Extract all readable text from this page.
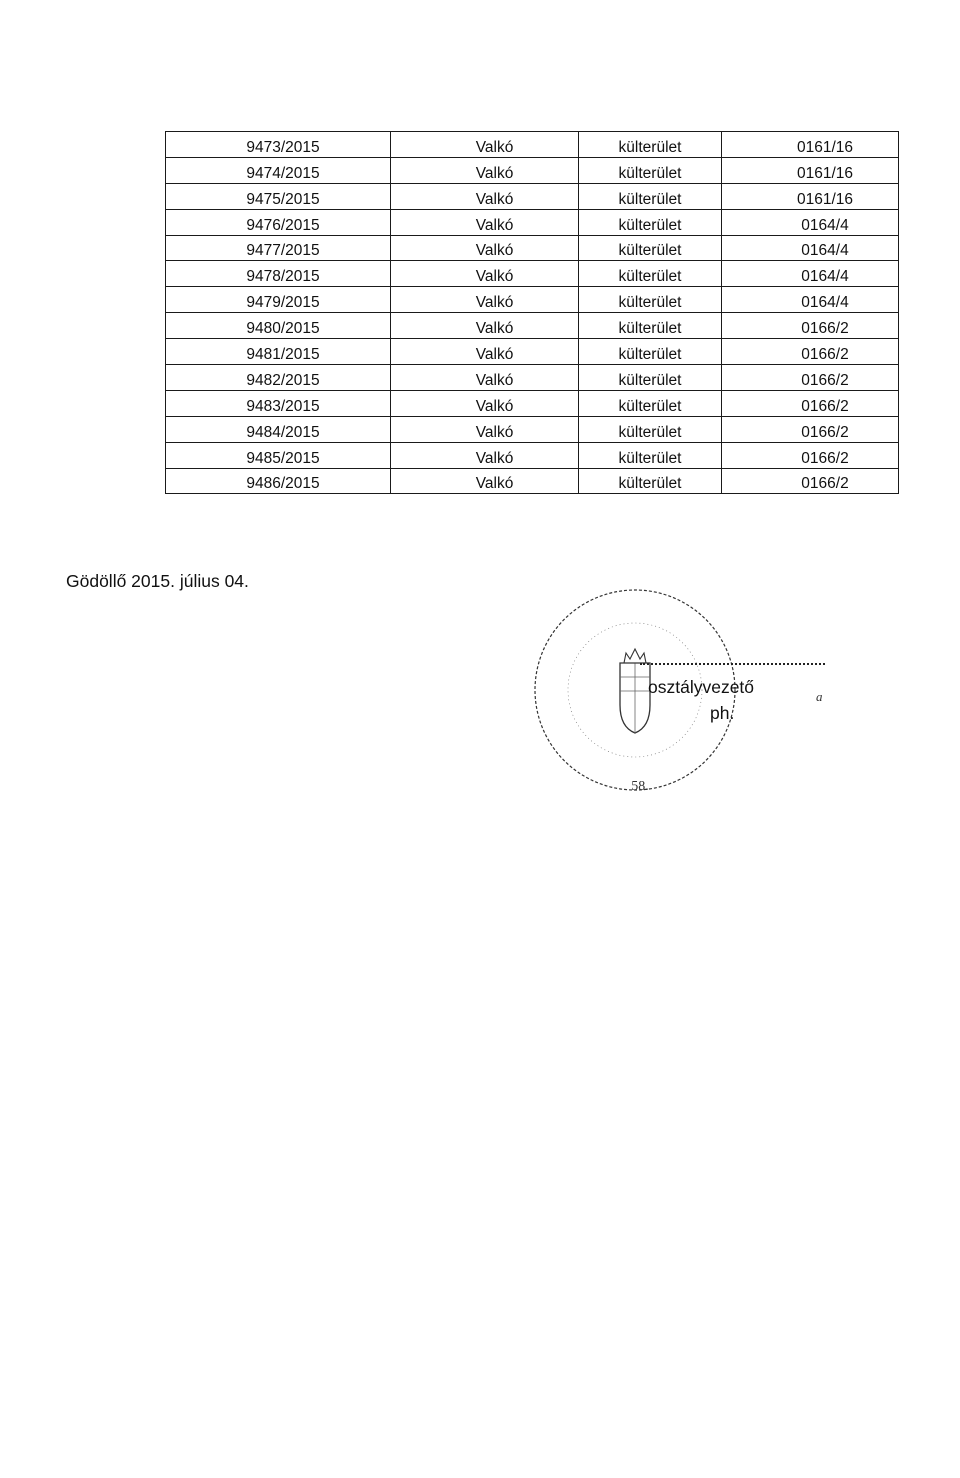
9473/2015	Valkó	külterület	0161/16
9474/2015	Valkó	külterület	0161/16
9475/2015	Valkó	külterület	0161/16
9476/2015	Valkó	külterület	0164/4
9477/2015	Valkó	külterület	0164/4
9478/2015	Valkó	külterület	0164/4
9479/2015	Valkó	külterület	0164/4
9480/2015	Valkó	külterület	0166/2
9481/2015	Valkó	külterület	0166/2
9482/2015	Valkó	külterület	0166/2
9483/2015	Valkó	külterület	0166/2
9484/2015	Valkó	külterület	0166/2
9485/2015	Valkó	külterület	0166/2
9486/2015	Valkó	külterület	0166/2
Gödöllő 2015. július 04.
58.
osztályvezető
ph.
a
